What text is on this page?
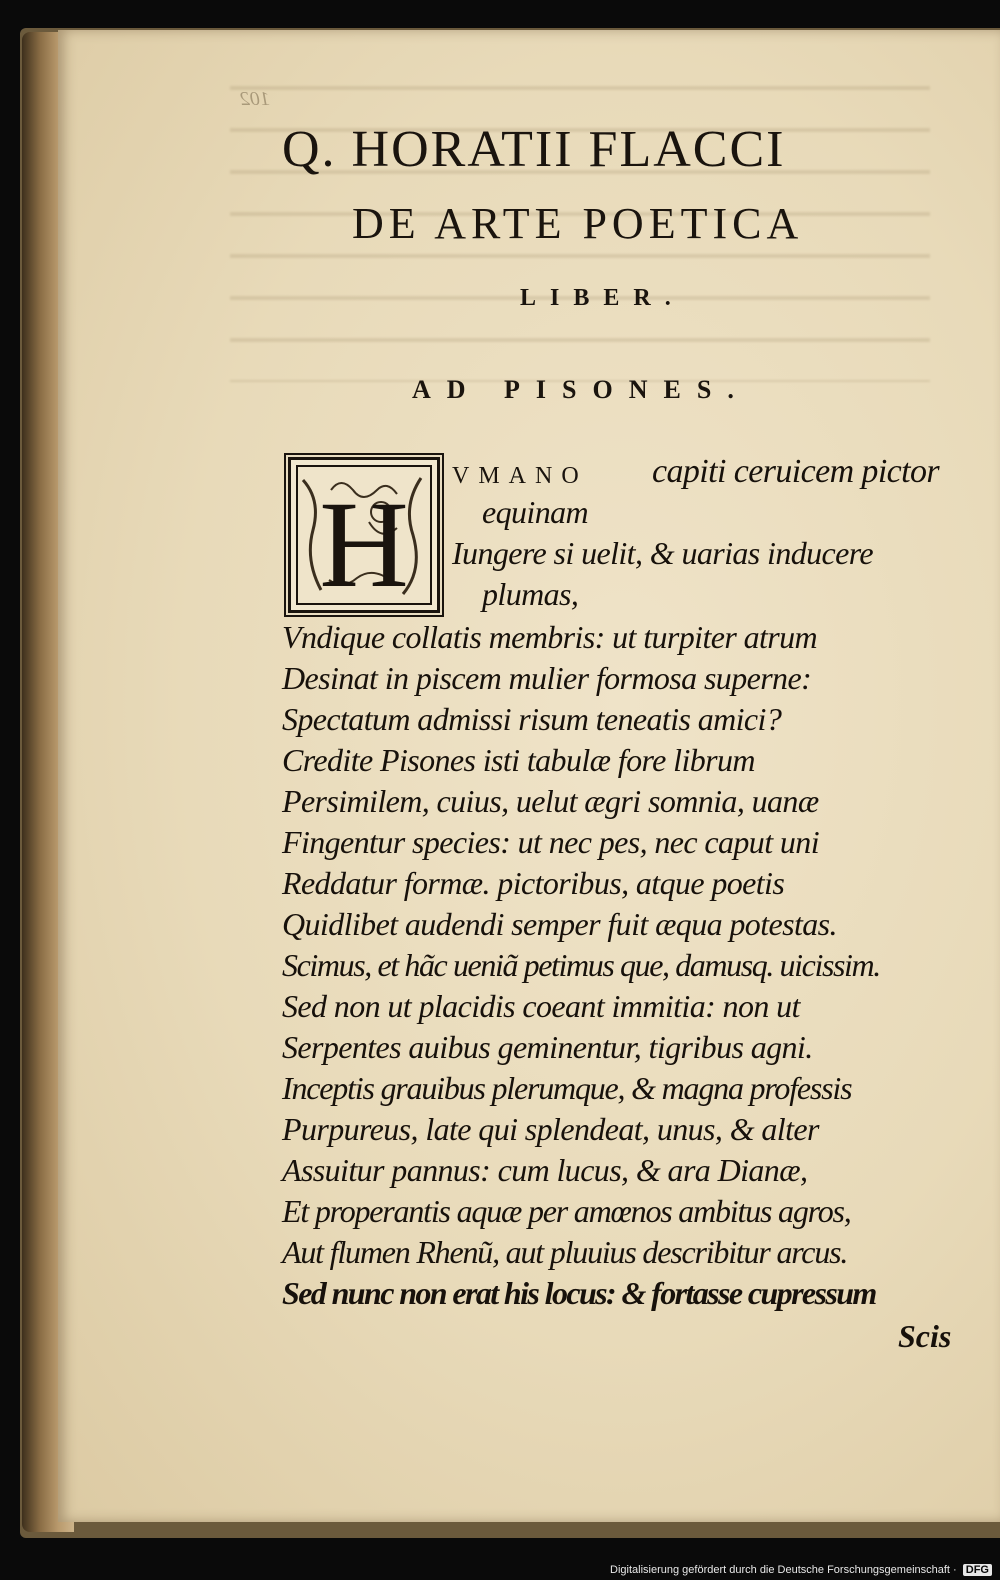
102
Q. HORATII FLACCI
DE ARTE POETICA
LIBER.
AD PISONES.
H VMANO capiti ceruicem pictor

equinam

Iungere si uelit, & uarias inducere

plumas,

Vndique collatis membris: ut turpiter atrum

Desinat in piscem mulier formosa superne:

Spectatum admissi risum teneatis amici?

Credite Pisones isti tabulæ fore librum

Persimilem, cuius, uelut ægri somnia, uanæ

Fingentur species: ut nec pes, nec caput uni

Reddatur formæ. pictoribus, atque poetis

Quidlibet audendi semper fuit æqua potestas.

Scimus, et hãc ueniã petimus que, damusq. uicissim.

Sed non ut placidis coeant immitia: non ut

Serpentes auibus geminentur, tigribus agni.

Inceptis grauibus plerumque, & magna professis

Purpureus, late qui splendeat, unus, & alter

Assuitur pannus: cum lucus, & ara Dianæ,

Et properantis aquæ per amœnos ambitus agros,

Aut flumen Rhenũ, aut pluuius describitur arcus.

Sed nunc non erat his locus: & fortasse cupressum

Scis
Digitalisierung gefördert durch die Deutsche Forschungsgemeinschaft · DFG
